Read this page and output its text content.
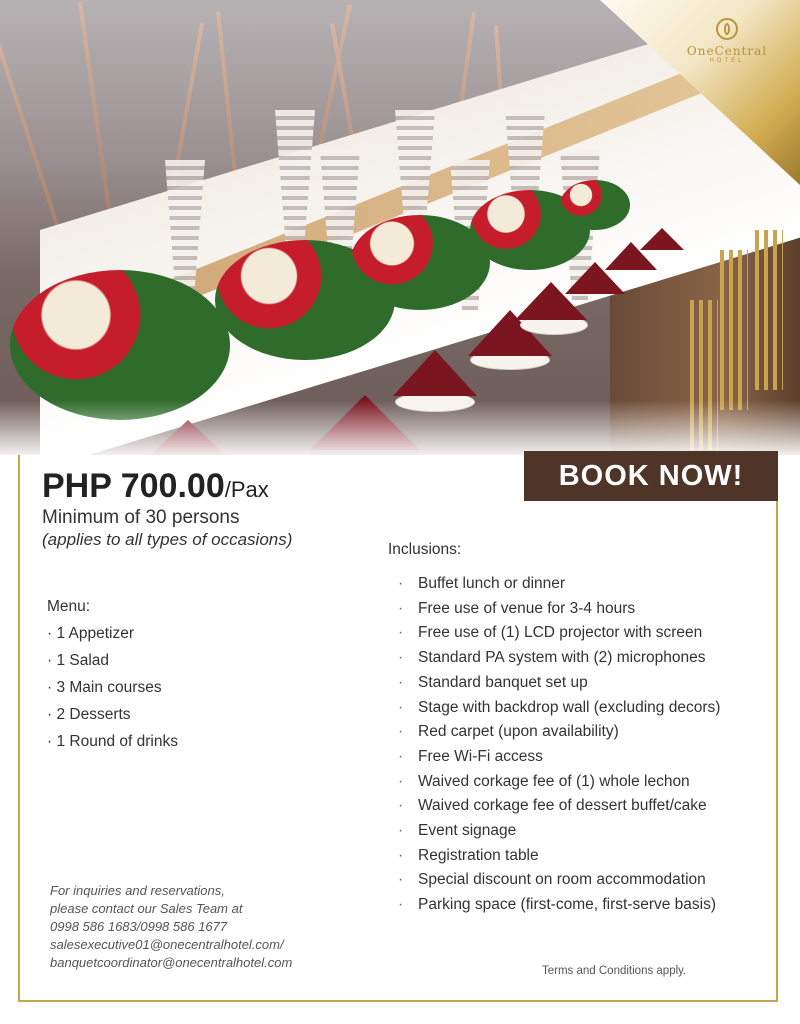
OneCentral
HOTEL
BOOK NOW!
PHP 700.00/Pax
Minimum of 30 persons
(applies to all types of occasions)
Menu:
· 1 Appetizer
· 1 Salad
· 3 Main courses
· 2 Desserts
· 1 Round of drinks
Inclusions:
· Buffet lunch or dinner
· Free use of venue for 3-4 hours
· Free use of (1) LCD projector with screen
· Standard PA system with (2) microphones
· Standard banquet set up
· Stage with backdrop wall (excluding decors)
· Red carpet (upon availability)
· Free Wi-Fi access
· Waived corkage fee of (1) whole lechon
· Waived corkage fee of dessert buffet/cake
· Event signage
· Registration table
· Special discount on room accommodation
· Parking space (first-come, first-serve basis)
For inquiries and reservations,
please contact our Sales Team at
0998 586 1683/0998 586 1677
salesexecutive01@onecentralhotel.com/
banquetcoordinator@onecentralhotel.com
Terms and Conditions apply.
